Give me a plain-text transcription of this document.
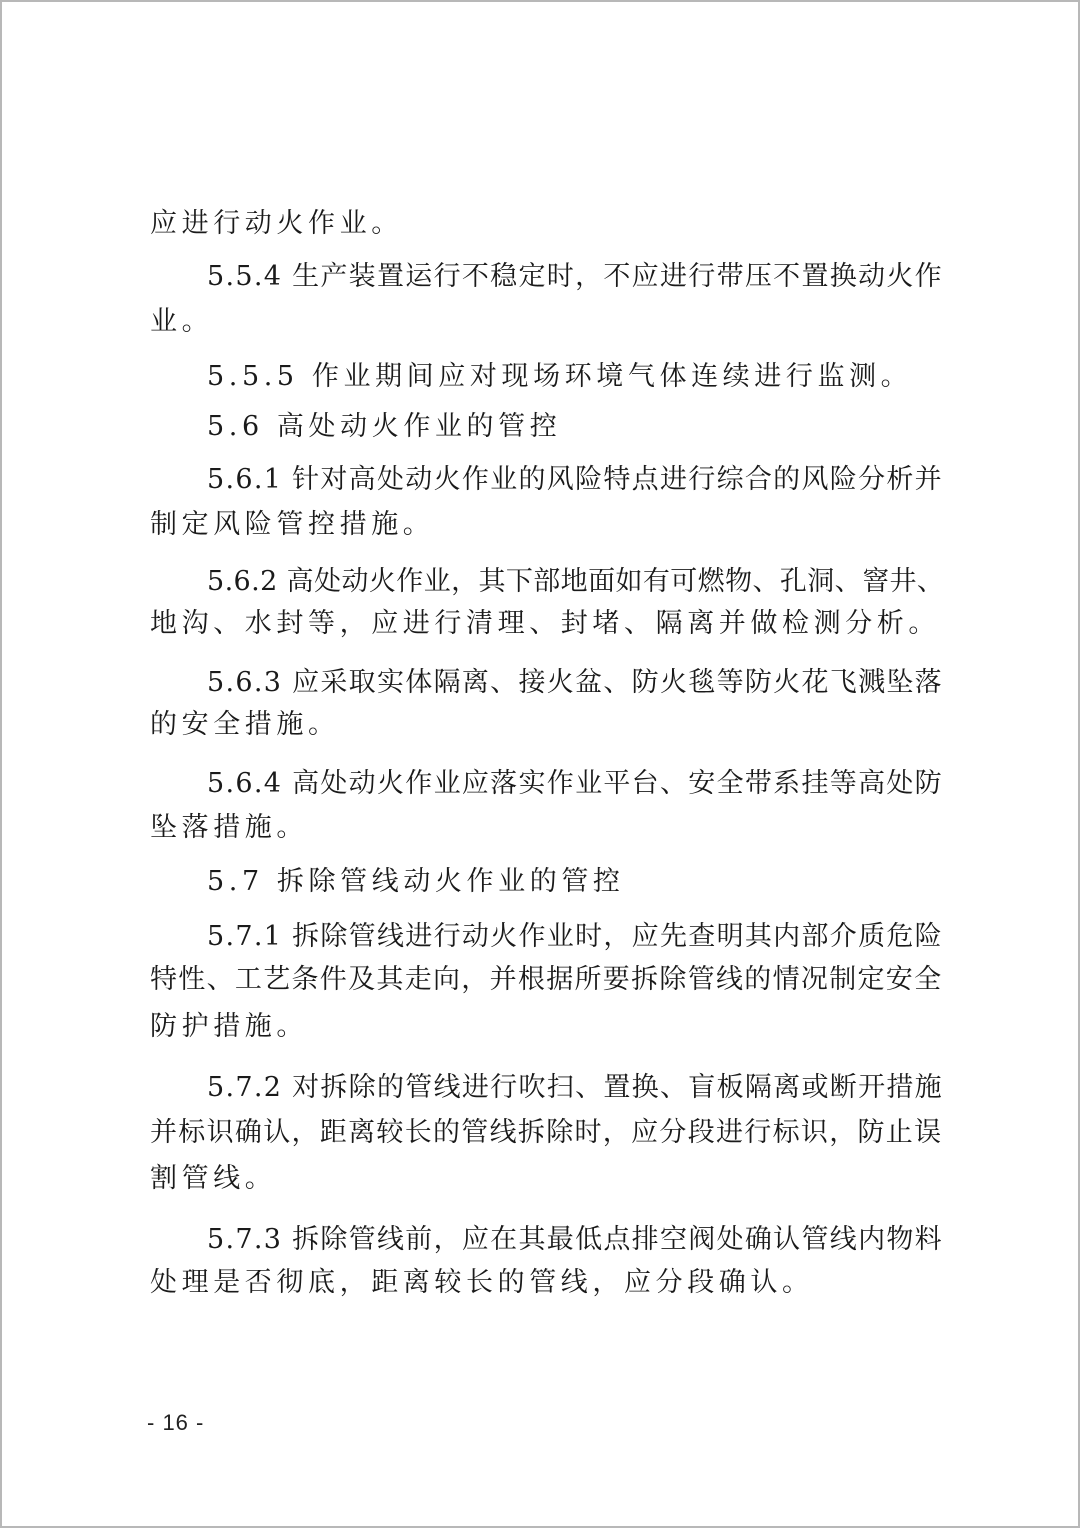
应进行动火作业。
5.5.4 生产装置运行不稳定时，不应进行带压不置换动火作
业。
5.5.5 作业期间应对现场环境气体连续进行监测。
5.6 高处动火作业的管控
5.6.1 针对高处动火作业的风险特点进行综合的风险分析并
制定风险管控措施。
5.6.2 高处动火作业，其下部地面如有可燃物、孔洞、窨井、
地沟、水封等，应进行清理、封堵、隔离并做检测分析。
5.6.3 应采取实体隔离、接火盆、防火毯等防火花飞溅坠落
的安全措施。
5.6.4 高处动火作业应落实作业平台、安全带系挂等高处防
坠落措施。
5.7 拆除管线动火作业的管控
5.7.1 拆除管线进行动火作业时，应先查明其内部介质危险
特性、工艺条件及其走向，并根据所要拆除管线的情况制定安全
防护措施。
5.7.2 对拆除的管线进行吹扫、置换、盲板隔离或断开措施
并标识确认，距离较长的管线拆除时，应分段进行标识，防止误
割管线。
5.7.3 拆除管线前，应在其最低点排空阀处确认管线内物料
处理是否彻底，距离较长的管线，应分段确认。
- 16 -
